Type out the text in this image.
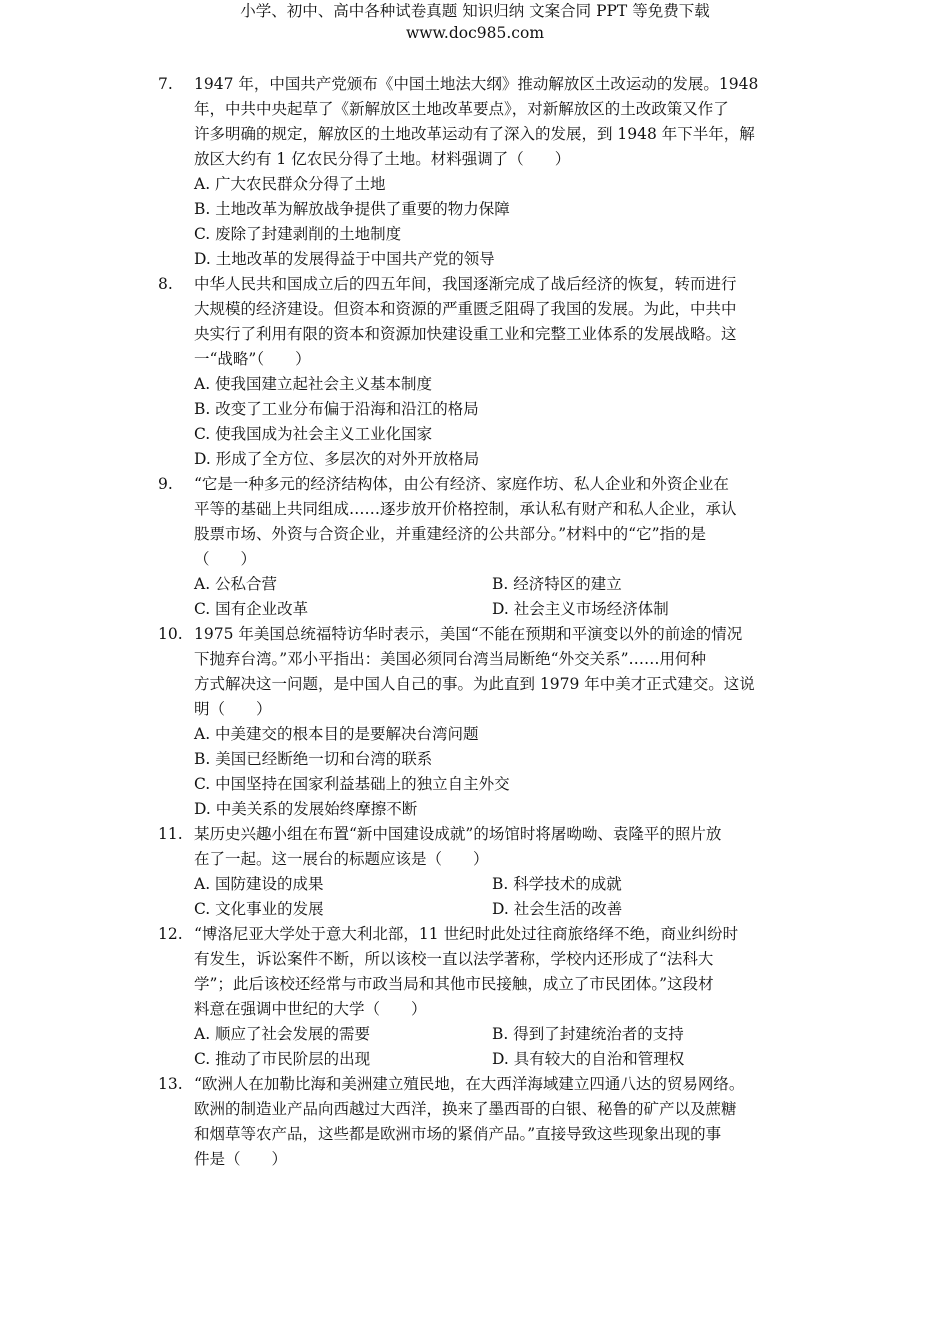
7. 1947 年，中国共产党颁布《中国土地法大纲》推动解放区土改运动的发展。1948
年，中共中央起草了《新解放区土地改革要点》，对新解放区的土改政策又作了
许多明确的规定，解放区的土地改革运动有了深入的发展，到 1948 年下半年，解
放区大约有 1 亿农民分得了土地。材料强调了（　　）
A. 广大农民群众分得了土地
B. 土地改革为解放战争提供了重要的物力保障
C. 废除了封建剥削的土地制度
D. 土地改革的发展得益于中国共产党的领导
8. 中华人民共和国成立后的四五年间，我国逐渐完成了战后经济的恢复，转而进行
大规模的经济建设。但资本和资源的严重匮乏阻碍了我国的发展。为此，中共中
央实行了利用有限的资本和资源加快建设重工业和完整工业体系的发展战略。这
一“战略”（　　）
A. 使我国建立起社会主义基本制度
B. 改变了工业分布偏于沿海和沿江的格局
C. 使我国成为社会主义工业化国家
D. 形成了全方位、多层次的对外开放格局
9. “它是一种多元的经济结构体，由公有经济、家庭作坊、私人企业和外资企业在
平等的基础上共同组成……逐步放开价格控制，承认私有财产和私人企业，承认
股票市场、外资与合资企业，并重建经济的公共部分。”材料中的“它”指的是
（　　）
A. 公私合营	B. 经济特区的建立
C. 国有企业改革	D. 社会主义市场经济体制
10. 1975 年美国总统福特访华时表示，美国“不能在预期和平演变以外的前途的情况
下抛弃台湾。”邓小平指出：美国必须同台湾当局断绝“外交关系”……用何种
方式解决这一问题，是中国人自己的事。为此直到 1979 年中美才正式建交。这说
明（　　）
A. 中美建交的根本目的是要解决台湾问题
B. 美国已经断绝一切和台湾的联系
C. 中国坚持在国家利益基础上的独立自主外交
D. 中美关系的发展始终摩擦不断
11. 某历史兴趣小组在布置“新中国建设成就”的场馆时将屠呦呦、袁隆平的照片放
在了一起。这一展台的标题应该是（　　）
A. 国防建设的成果	B. 科学技术的成就
C. 文化事业的发展	D. 社会生活的改善
12. “博洛尼亚大学处于意大利北部，11 世纪时此处过往商旅络绎不绝，商业纠纷时
有发生，诉讼案件不断，所以该校一直以法学著称，学校内还形成了“法科大
学”；此后该校还经常与市政当局和其他市民接触，成立了市民团体。”这段材
料意在强调中世纪的大学（　　）
A. 顺应了社会发展的需要	B. 得到了封建统治者的支持
C. 推动了市民阶层的出现	D. 具有较大的自治和管理权
13. “欧洲人在加勒比海和美洲建立殖民地，在大西洋海域建立四通八达的贸易网络。
欧洲的制造业产品向西越过大西洋，换来了墨西哥的白银、秘鲁的矿产以及蔗糖
和烟草等农产品，这些都是欧洲市场的紧俏产品。”直接导致这些现象出现的事
件是（　　）
小学、初中、高中各种试卷真题 知识归纳 文案合同 PPT 等免费下载
www.doc985.com
